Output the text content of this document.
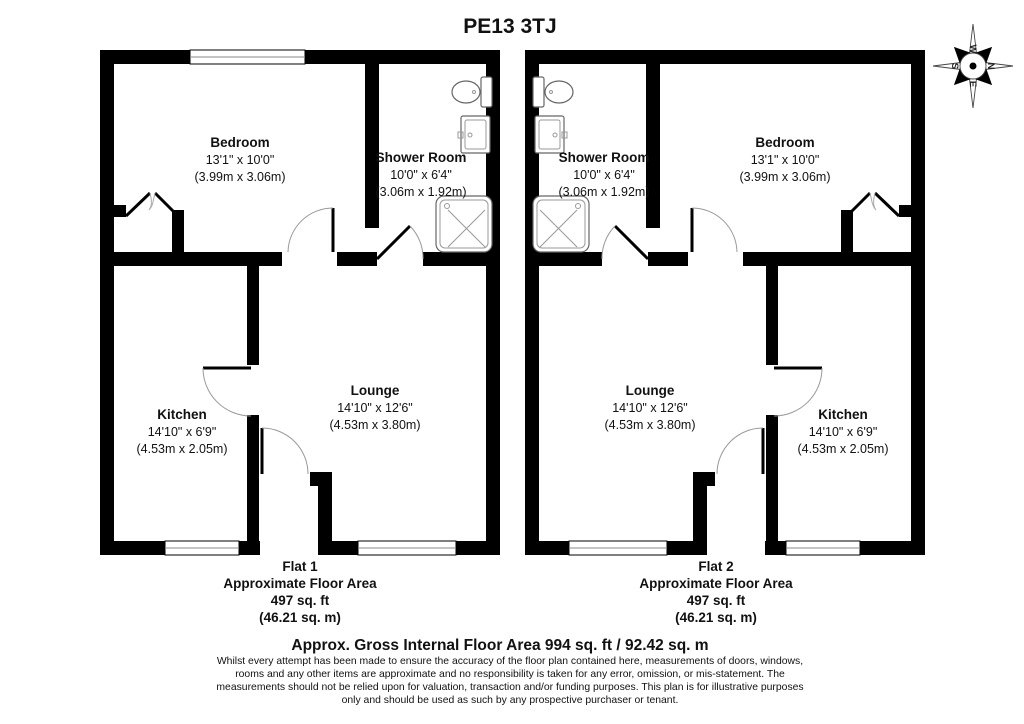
PE13 3TJ
W
N
E
S
Bedroom
13'1" x 10'0"
(3.99m x 3.06m)
Shower Room
10'0" x 6'4"
(3.06m x 1.92m)
Kitchen
14'10" x 6'9"
(4.53m x 2.05m)
Lounge
14'10" x 12'6"
(4.53m x 3.80m)
Shower Room
10'0" x 6'4"
(3.06m x 1.92m)
Bedroom
13'1" x 10'0"
(3.99m x 3.06m)
Lounge
14'10" x 12'6"
(4.53m x 3.80m)
Kitchen
14'10" x 6'9"
(4.53m x 2.05m)
Flat 1
Approximate Floor Area
497 sq. ft
(46.21 sq. m)
Flat 2
Approximate Floor Area
497 sq. ft
(46.21 sq. m)
Approx. Gross Internal Floor Area 994 sq. ft / 92.42 sq. m
Whilst every attempt has been made to ensure the accuracy of the floor plan contained here, measurements of doors, windows,
rooms and any other items are approximate and no responsibility is taken for any error, omission, or mis-statement. The
measurements should not be relied upon for valuation, transaction and/or funding purposes. This plan is for illustrative purposes
only and should be used as such by any prospective purchaser or tenant.
